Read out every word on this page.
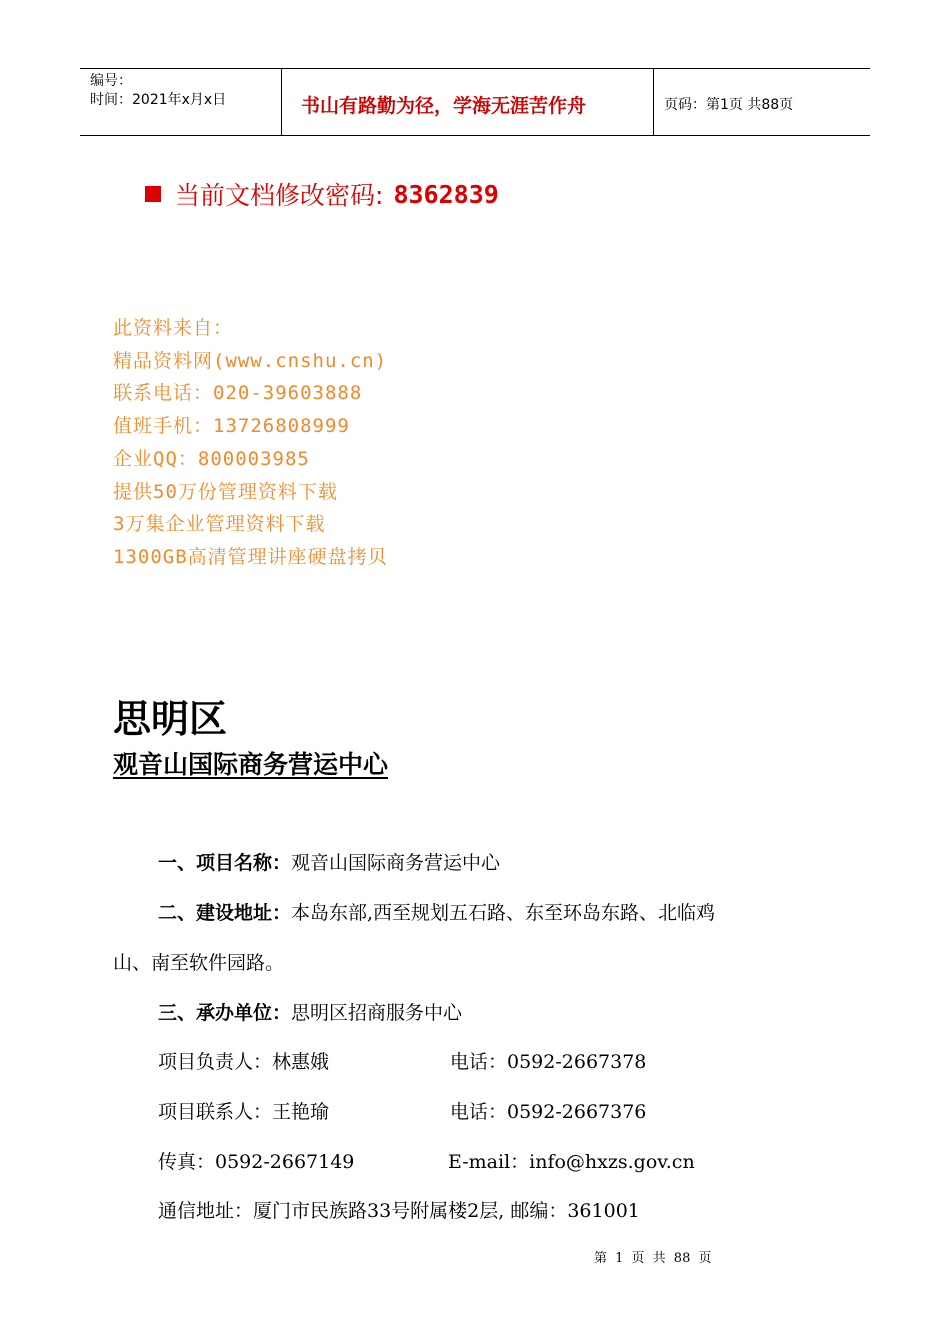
编号：
时间：2021年x月x日	书山有路勤为径，学海无涯苦作舟	页码：第1页 共88页
当前文档修改密码: 8362839
此资料来自：
精品资料网(www.cnshu.cn)
联系电话：020-39603888
值班手机：13726808999
企业QQ：800003985
提供50万份管理资料下载
3万集企业管理资料下载
1300GB高清管理讲座硬盘拷贝
思明区
观音山国际商务营运中心
一、项目名称：观音山国际商务营运中心
二、建设地址：本岛东部,西至规划五石路、东至环岛东路、北临鸡
山、南至软件园路。
三、承办单位：思明区招商服务中心
项目负责人：林惠娥	电话：0592-2667378
项目联系人：王艳瑜	电话：0592-2667376
传真：0592-2667149	E-mail：info@hxzs.gov.cn
通信地址：厦门市民族路33号附属楼2层, 邮编：361001
第 1 页 共 88 页
